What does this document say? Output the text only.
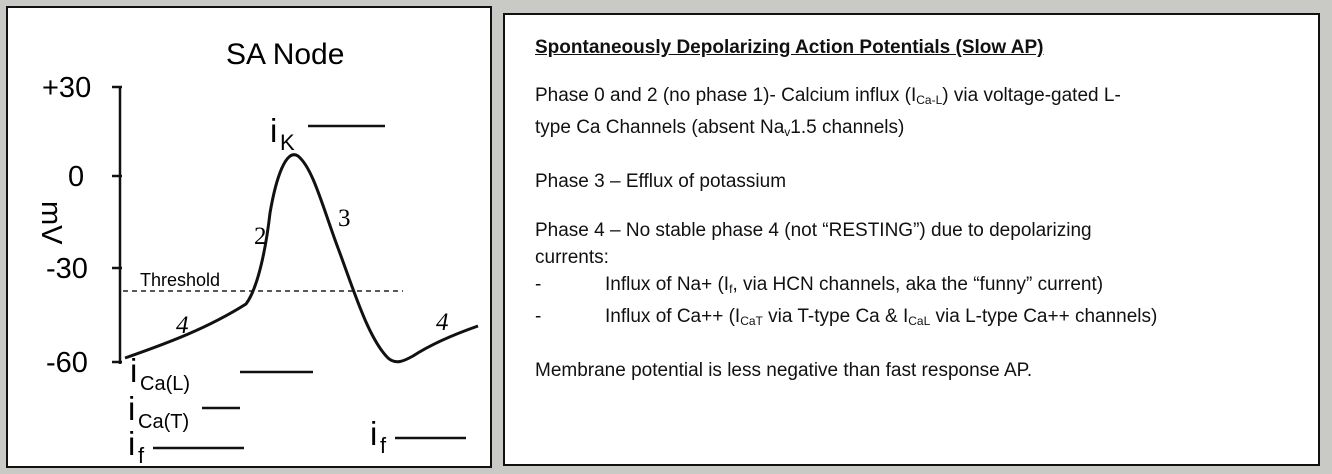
SA Node
+30
0
-30
-60
mV
Threshold
4
2
3
4
i K
i Ca(L)
i Ca(T)
i f
i f
Spontaneously Depolarizing Action Potentials (Slow AP)
Phase 0 and 2 (no phase 1)- Calcium influx $(I_{Ca-L})$ via voltage-gated L-
type Ca Channels (absent $Na_v1.5$ channels)
Phase 3 – Efflux of potassium
Phase 4 – No stable phase 4 (not “RESTING”) due to depolarizing
currents:
-	Influx of $Na+ (I_f$, via HCN channels, aka the “funny” current)
-	Influx of $Ca++ (I_{CaT}$ via T-type Ca & $I_{CaL}$ via L-type Ca++ channels)
Membrane potential is less negative than fast response AP.
